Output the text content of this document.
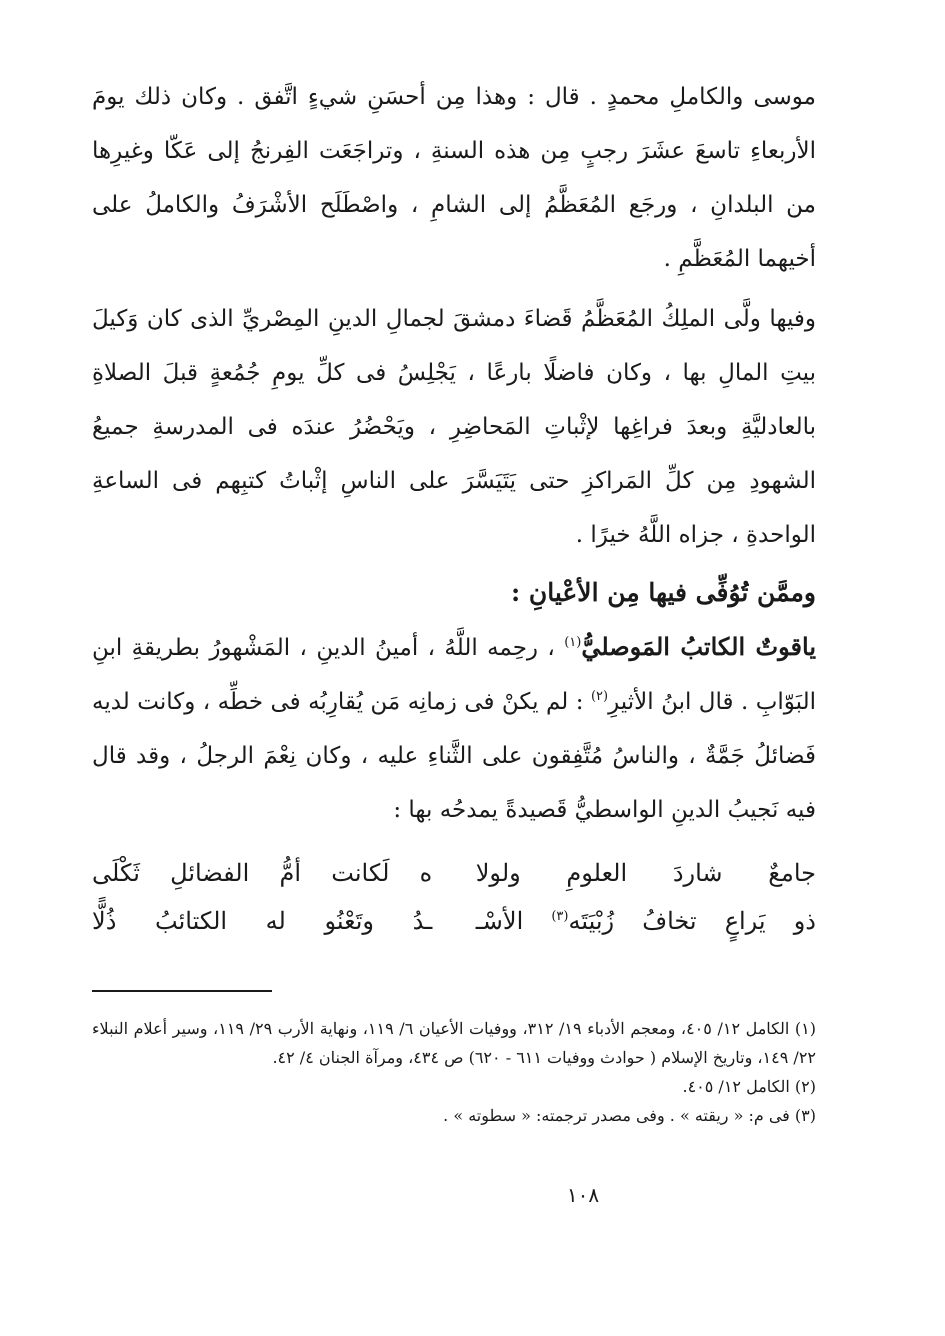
موسى والكاملِ محمدٍ . قال : وهذا مِن أحسَنِ شيءٍ اتَّفق . وكان ذلك يومَ الأربعاءِ تاسعَ عشَرَ رجبٍ مِن هذه السنةِ ، وتراجَعَت الفِرنجُ إلى عَكّا وغيرِها من البلدانِ ، ورجَع المُعَظَّمُ إلى الشامِ ، واصْطَلَح الأشْرَفُ والكاملُ على أخيهما المُعَظَّمِ .

وفيها ولَّى الملِكُ المُعَظَّمُ قَضاءَ دمشقَ لجمالِ الدينِ المِصْريِّ الذى كان وَكيلَ بيتِ المالِ بها ، وكان فاضلًا بارعًا ، يَجْلِسُ فى كلِّ يومِ جُمُعةٍ قبلَ الصلاةِ بالعادليَّةِ وبعدَ فراغِها لإثْباتِ المَحاضِرِ ، ويَحْضُرُ عندَه فى المدرسةِ جميعُ الشهودِ مِن كلِّ المَراكزِ حتى يَتَيَسَّرَ على الناسِ إثْباتُ كتبِهم فى الساعةِ الواحدةِ ، جزاه اللَّهُ خيرًا .

وممَّن تُوُفِّى فيها مِن الأعْيانِ :

ياقوتٌ الكاتبُ المَوصليُّ$^{(١)}$ ، رحِمه اللَّهُ ، أمينُ الدينِ ، المَشْهورُ بطريقةِ ابنِ البَوّابِ . قال ابنُ الأثيرِ$^{(٢)}$ : لم يكنْ فى زمانِه مَن يُقارِبُه فى خطِّه ، وكانت لديه فَضائلُ جَمَّةٌ ، والناسُ مُتَّفِقون على الثَّناءِ عليه ، وكان نِعْمَ الرجلُ ، وقد قال فيه نَجيبُ الدينِ الواسطيُّ قَصيدةً يمدحُه بها :

جامعٌ شاردَ العلومِ ولولا
ه لَكانت أمُّ الفضائلِ ثَكْلَى
ذو يَراعٍ تخافُ زُبْيَتَه$^{(٣)}$ الأسْـ
ـدُ وتَعْنُو له الكتائبُ ذُلًّا

(١) الكامل ١٢/ ٤٠٥، ومعجم الأدباء ١٩/ ٣١٢، ووفيات الأعيان ٦/ ١١٩، ونهاية الأرب ٢٩/ ١١٩، وسير أعلام النبلاء ٢٢/ ١٤٩، وتاريخ الإسلام ( حوادث ووفيات ٦١١ - ٦٢٠) ص ٤٣٤، ومرآة الجنان ٤/ ٤٢.

(٢) الكامل ١٢/ ٤٠٥.

(٣) فى م: « ريقته » . وفى مصدر ترجمته: « سطوته » .

١٠٨
